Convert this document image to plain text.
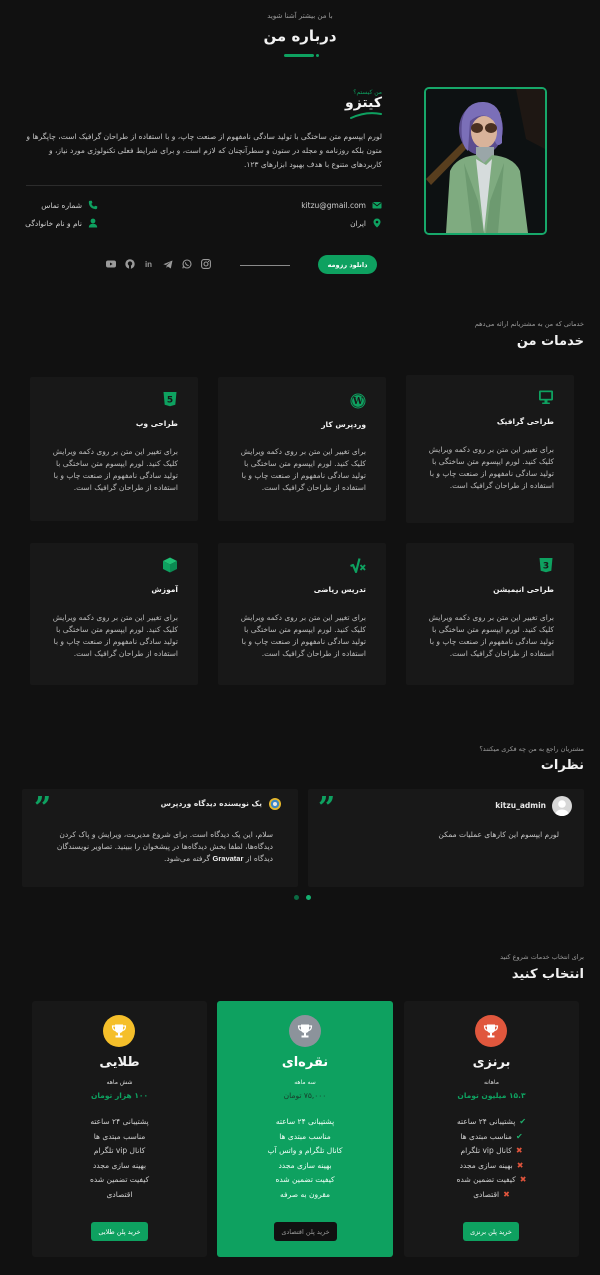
با من بیشتر آشنا شوید
درباره من
من کیستم؟
کیتزو
لورم ایپسوم متن ساختگی با تولید سادگی نامفهوم از صنعت چاپ، و با استفاده از طراحان گرافیک است، چاپگرها و متون بلکه روزنامه و مجله در ستون و سطرآنچنان که لازم است، و برای شرایط فعلی تکنولوژی مورد نیاز، و کاربردهای متنوع با هدف بهبود ابزارهای ۱۲۳.
kitzu@gmail.com
ایران
شماره تماس
نام و نام خانوادگی
دانلود رزومه
in
خدماتی که من به مشتریانم ارائه می‌دهم
خدمات من
طراحی گرافیک
برای تغییر این متن بر روی دکمه ویرایش کلیک کنید. لورم ایپسوم متن ساختگی با تولید سادگی نامفهوم از صنعت چاپ و با استفاده از طراحان گرافیک است.
W
وردپرس کار
برای تغییر این متن بر روی دکمه ویرایش کلیک کنید. لورم ایپسوم متن ساختگی با تولید سادگی نامفهوم از صنعت چاپ و با استفاده از طراحان گرافیک است.
5
طراحی وب
برای تغییر این متن بر روی دکمه ویرایش کلیک کنید. لورم ایپسوم متن ساختگی با تولید سادگی نامفهوم از صنعت چاپ و با استفاده از طراحان گرافیک است.
3
طراحی انیمیشن
برای تغییر این متن بر روی دکمه ویرایش کلیک کنید. لورم ایپسوم متن ساختگی با تولید سادگی نامفهوم از صنعت چاپ و با استفاده از طراحان گرافیک است.
تدریس ریاضی
برای تغییر این متن بر روی دکمه ویرایش کلیک کنید. لورم ایپسوم متن ساختگی با تولید سادگی نامفهوم از صنعت چاپ و با استفاده از طراحان گرافیک است.
آموزش
برای تغییر این متن بر روی دکمه ویرایش کلیک کنید. لورم ایپسوم متن ساختگی با تولید سادگی نامفهوم از صنعت چاپ و با استفاده از طراحان گرافیک است.
مشتریان راجع به من چه فکری میکنند؟
نظرات
kitzu_admin
”
لورم ایپسوم این کارهای عملیات ممکن
یک نویسنده دیدگاه وردپرس
”
سلام، این یک دیدگاه است. برای شروع مدیریت، ویرایش و پاک کردن دیدگاه‌ها، لطفا بخش دیدگاه‌ها در پیشخوان را ببینید. تصاویر نویسندگان دیدگاه از Gravatar گرفته می‌شود.
برای انتخاب خدمات شروع کنید
انتخاب کنید
برنزی
ماهانه
۱۵.۳ میلیون تومان
✔
پشتیبانی ۲۴ ساعته
✔
مناسب مبتدی ها
✖
کانال vip تلگرام
✖
بهینه سازی مجدد
✖
کیفیت تضمین شده
✖
اقتصادی
خرید پلن برنزی
نقره‌ای
سه ماهه
۷۵,۰۰۰ تومان
پشتیبانی ۲۴ ساعته
مناسب مبتدی ها
کانال تلگرام و واتس آپ
بهینه سازی مجدد
کیفیت تضمین شده
مقرون به صرفه
خرید پلن اقتصادی
طلایی
شش ماهه
۱۰۰ هزار تومان
پشتیبانی ۲۴ ساعته
مناسب مبتدی ها
کانال vip تلگرام
بهینه سازی مجدد
کیفیت تضمین شده
اقتصادی
خرید پلن طلایی
